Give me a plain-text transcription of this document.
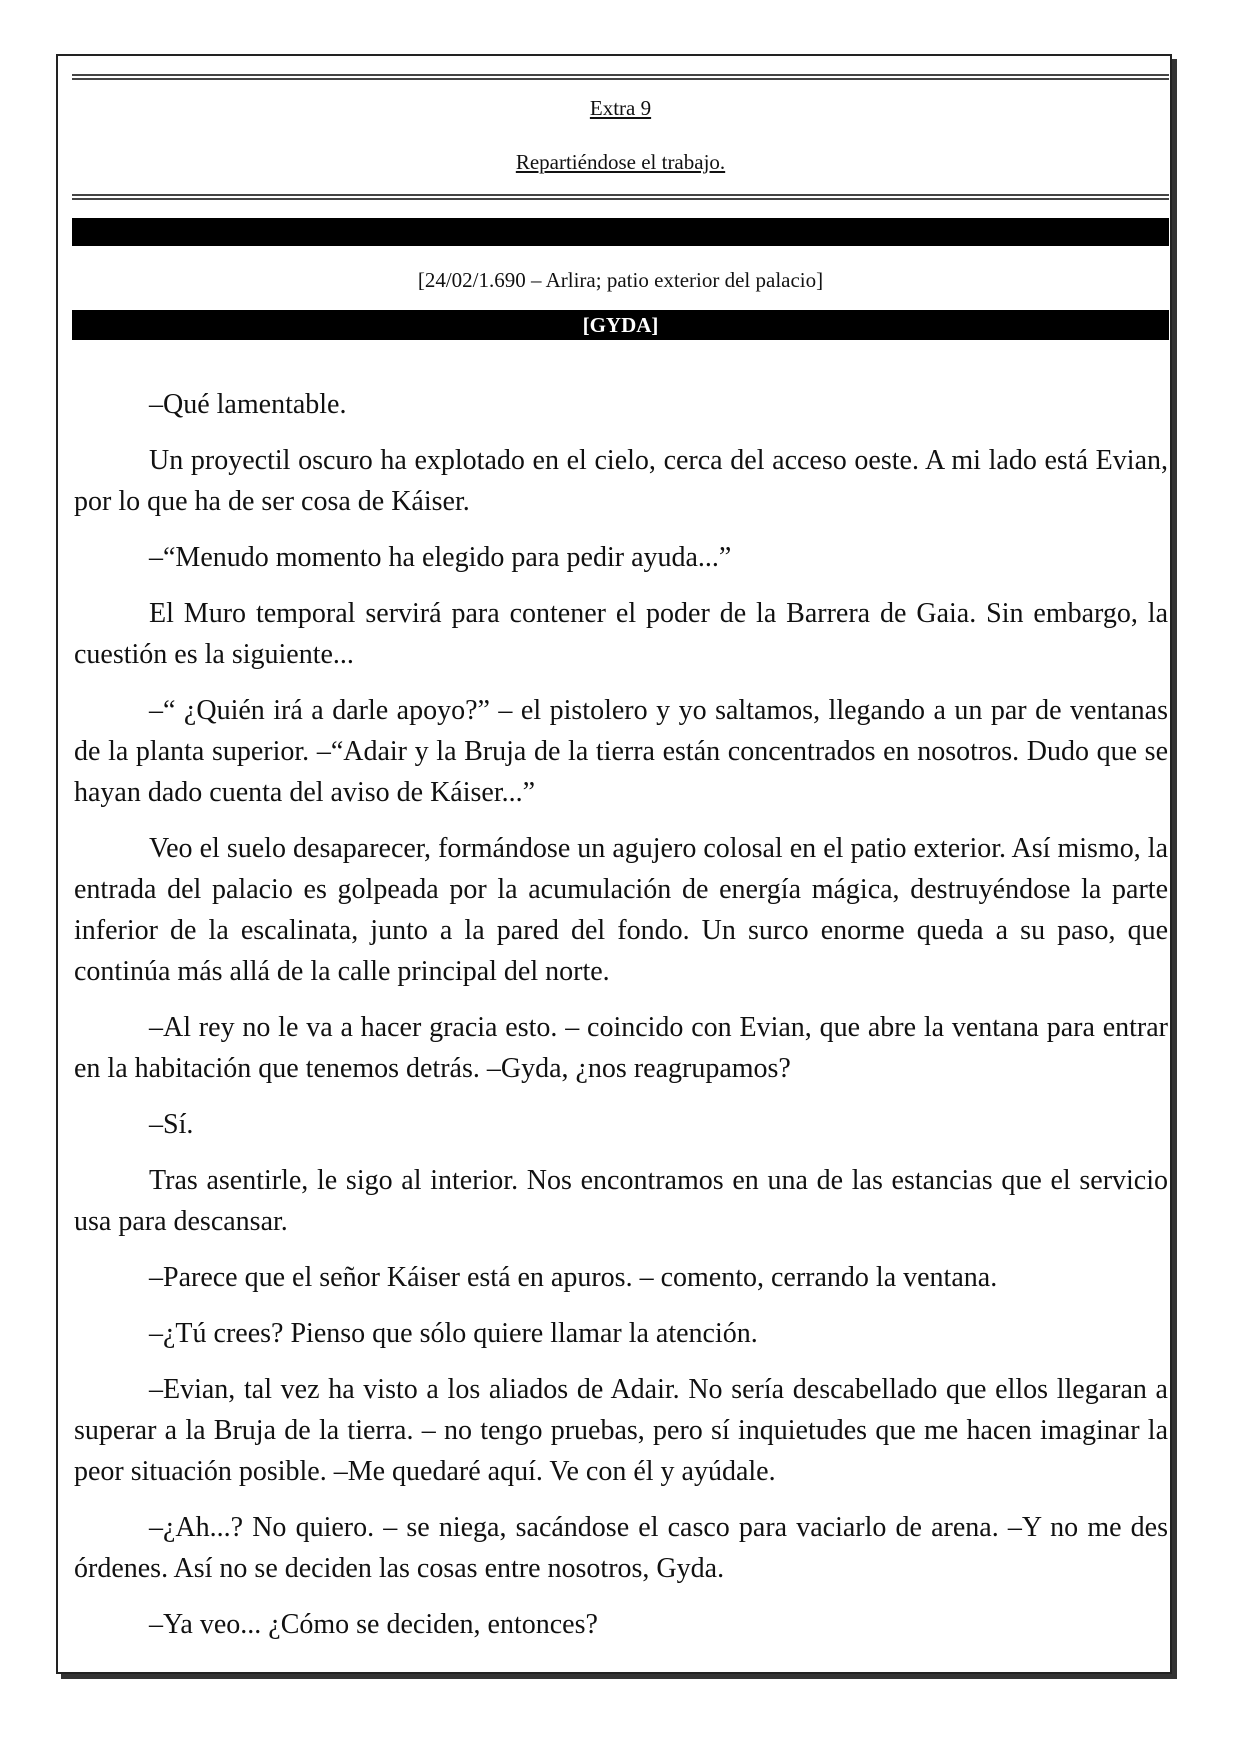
Extra 9
Repartiéndose el trabajo.
[24/02/1.690 – Arlira; patio exterior del palacio]
[GYDA]

–Qué lamentable.

Un proyectil oscuro ha explotado en el cielo, cerca del acceso oeste. A mi lado está Evian, por lo que ha de ser cosa de Káiser.

–“Menudo momento ha elegido para pedir ayuda...”

El Muro temporal servirá para contener el poder de la Barrera de Gaia. Sin embargo, la cuestión es la siguiente...

–“ ¿Quién irá a darle apoyo?” – el pistolero y yo saltamos, llegando a un par de ventanas de la planta superior. –“Adair y la Bruja de la tierra están concentrados en nosotros. Dudo que se hayan dado cuenta del aviso de Káiser...”

Veo el suelo desaparecer, formándose un agujero colosal en el patio exterior. Así mismo, la entrada del palacio es golpeada por la acumulación de energía mágica, destruyéndose la parte inferior de la escalinata, junto a la pared del fondo. Un surco enorme queda a su paso, que continúa más allá de la calle principal del norte.

–Al rey no le va a hacer gracia esto. – coincido con Evian, que abre la ventana para entrar en la habitación que tenemos detrás. –Gyda, ¿nos reagrupamos?

–Sí.

Tras asentirle, le sigo al interior. Nos encontramos en una de las estancias que el servicio usa para descansar.

–Parece que el señor Káiser está en apuros. – comento, cerrando la ventana.

–¿Tú crees? Pienso que sólo quiere llamar la atención.

–Evian, tal vez ha visto a los aliados de Adair. No sería descabellado que ellos llegaran a superar a la Bruja de la tierra. – no tengo pruebas, pero sí inquietudes que me hacen imaginar la peor situación posible. –Me quedaré aquí. Ve con él y ayúdale.

–¿Ah...? No quiero. – se niega, sacándose el casco para vaciarlo de arena. –Y no me des órdenes. Así no se deciden las cosas entre nosotros, Gyda.

–Ya veo... ¿Cómo se deciden, entonces?
